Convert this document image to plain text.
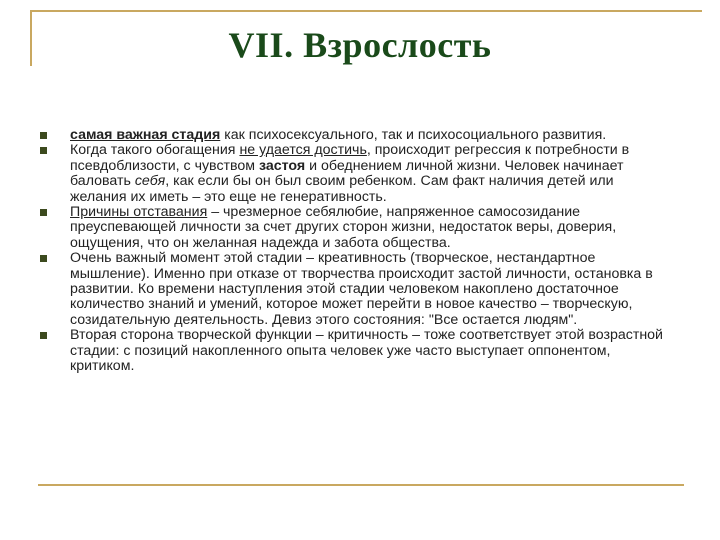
VII. Взрослость
самая важная стадия как психосексуального, так и психосоциального развития.
Когда такого обогащения не удается достичь, происходит регрессия к потребности в псевдоблизости, с чувством застоя и обеднением личной жизни. Человек начинает баловать себя, как если бы он был своим ребенком. Сам факт наличия детей или желания их иметь – это еще не генеративность.
Причины отставания – чрезмерное себялюбие, напряженное самосозидание преуспевающей личности за счет других сторон жизни, недостаток веры, доверия, ощущения, что он желанная надежда и забота общества.
Очень важный момент этой стадии – креативность (творческое, нестандартное мышление). Именно при отказе от творчества происходит застой личности, остановка в развитии. Ко времени наступления этой стадии человеком накоплено достаточное количество знаний и умений, которое может перейти в новое качество – творческую, созидательную деятельность. Девиз этого состояния: "Все остается людям".
Вторая сторона творческой функции – критичность – тоже соответствует этой возрастной стадии: с позиций накопленного опыта человек уже часто выступает оппонентом, критиком.
